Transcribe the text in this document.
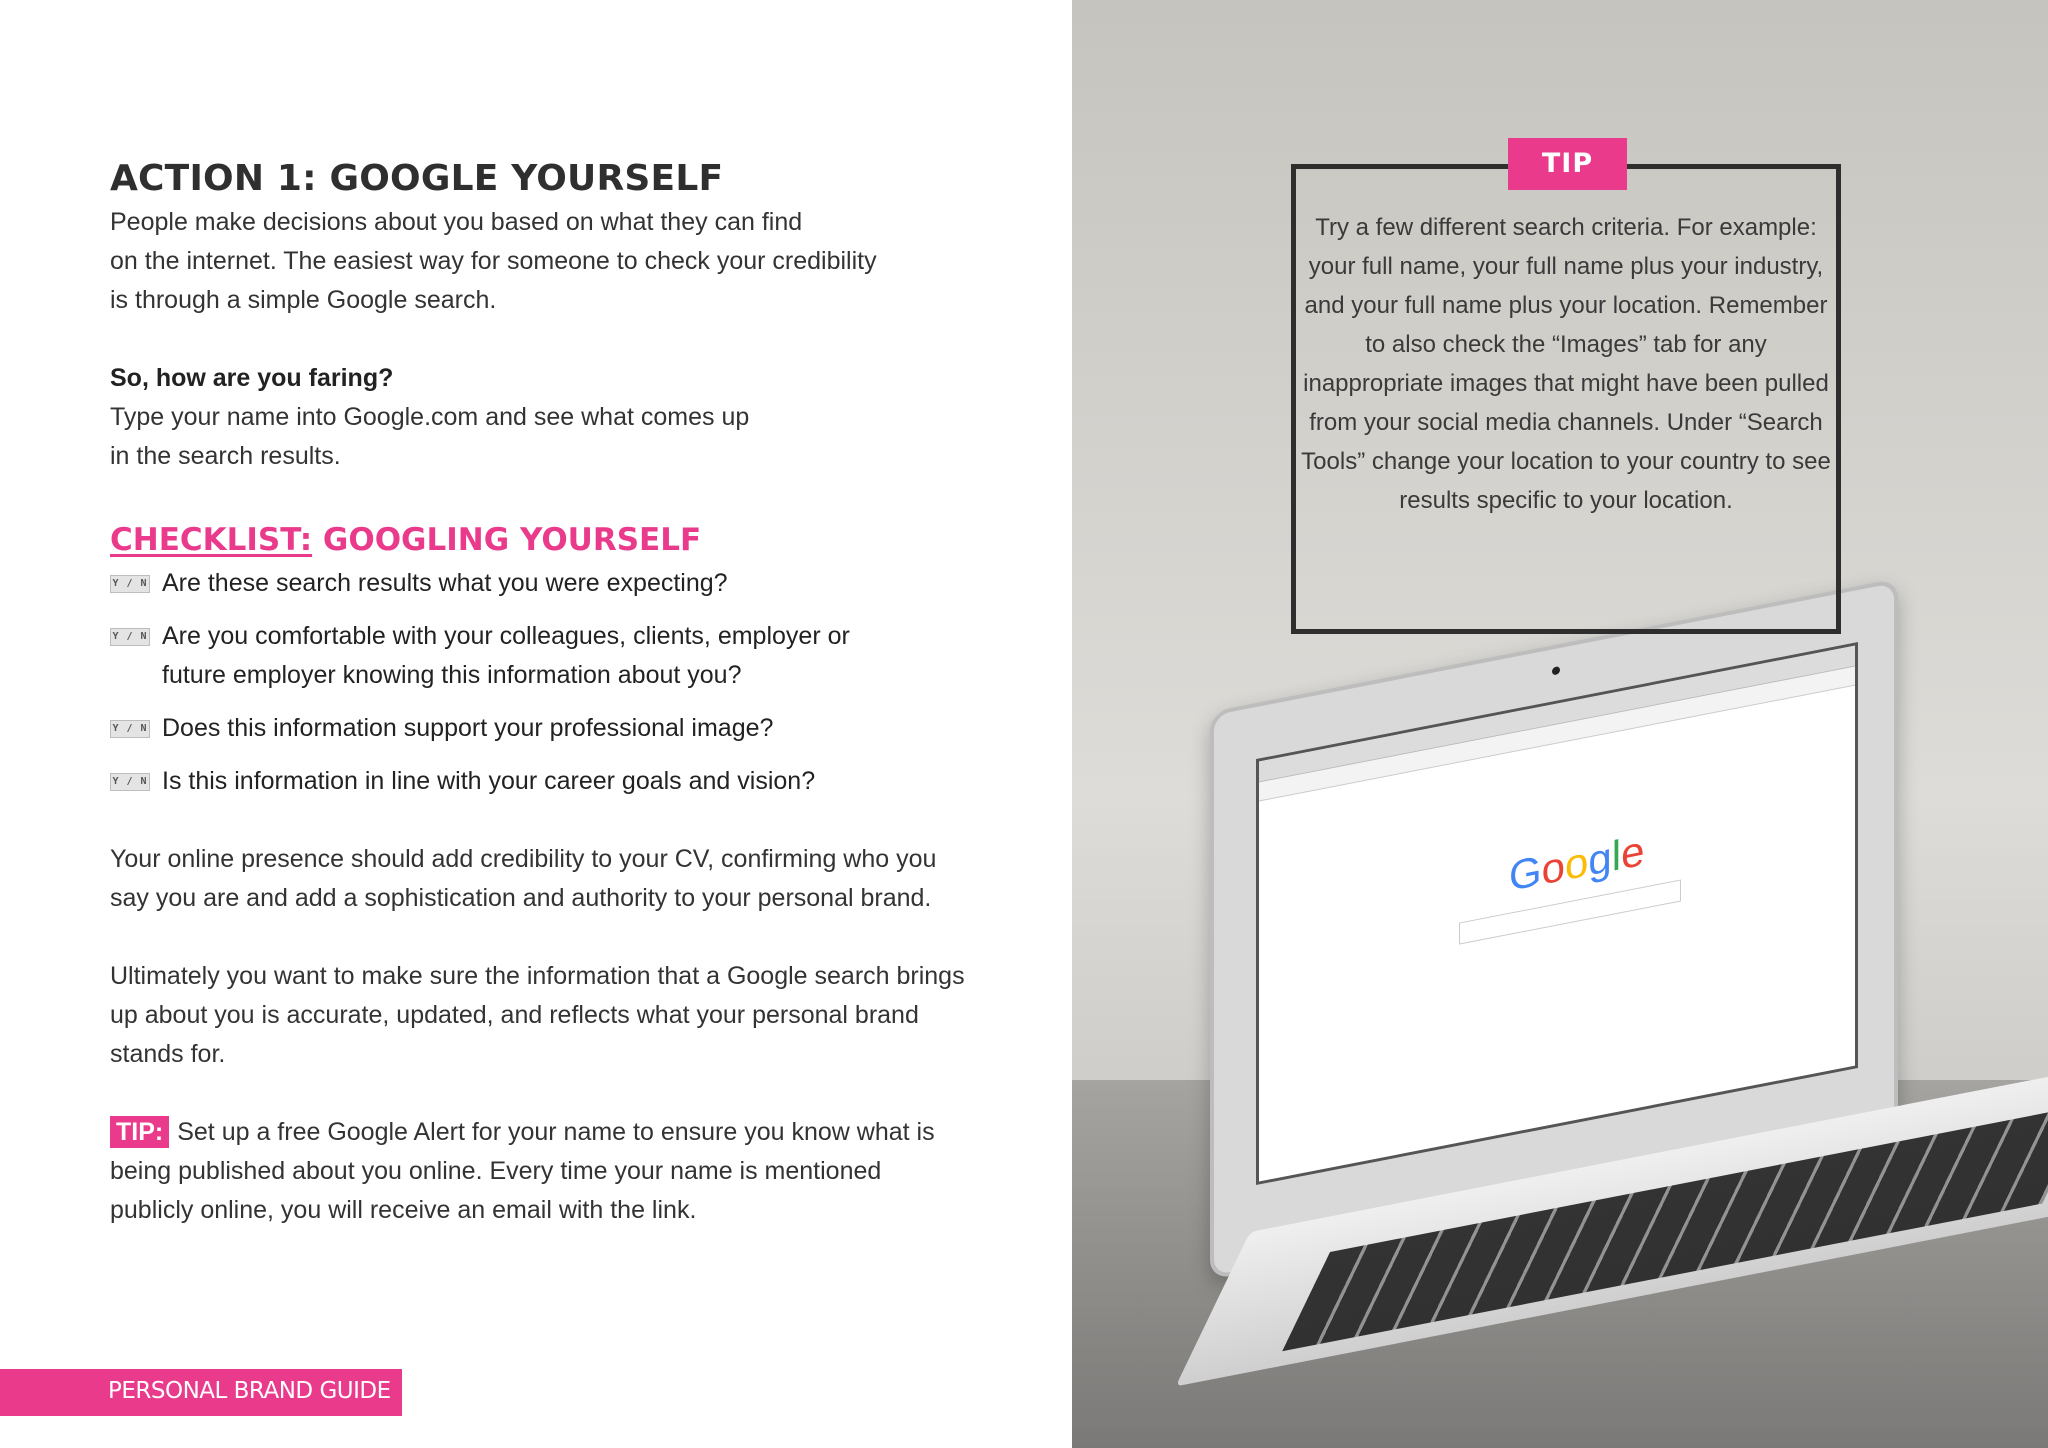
ACTION 1: GOOGLE YOURSELF

People make decisions about you based on what they can find

on the internet. The easiest way for someone to check your credibility

is through a simple Google search.

So, how are you faring?

Type your name into Google.com and see what comes up

in the search results.

CHECKLIST: GOOGLING YOURSELF
Y / N Are these search results what you were expecting?
Y / N Are you comfortable with your colleagues, clients, employer or future employer knowing this information about you?
Y / N Does this information support your professional image?
Y / N Is this information in line with your career goals and vision?

Your online presence should add credibility to your CV, confirming who you say you are and add a sophistication and authority to your personal brand.

Ultimately you want to make sure the information that a Google search brings up about you is accurate, updated, and reflects what your personal brand stands for.

TIP: Set up a free Google Alert for your name to ensure you know what is being published about you online. Every time your name is mentioned publicly online, you will receive an email with the link.

PERSONAL BRAND GUIDE
Google
TIP
Try a few different search criteria. For example: your full name, your full name plus your industry, and your full name plus your location. Remember to also check the “Images” tab for any inappropriate images that might have been pulled from your social media channels. Under “Search Tools” change your location to your country to see results specific to your location.
